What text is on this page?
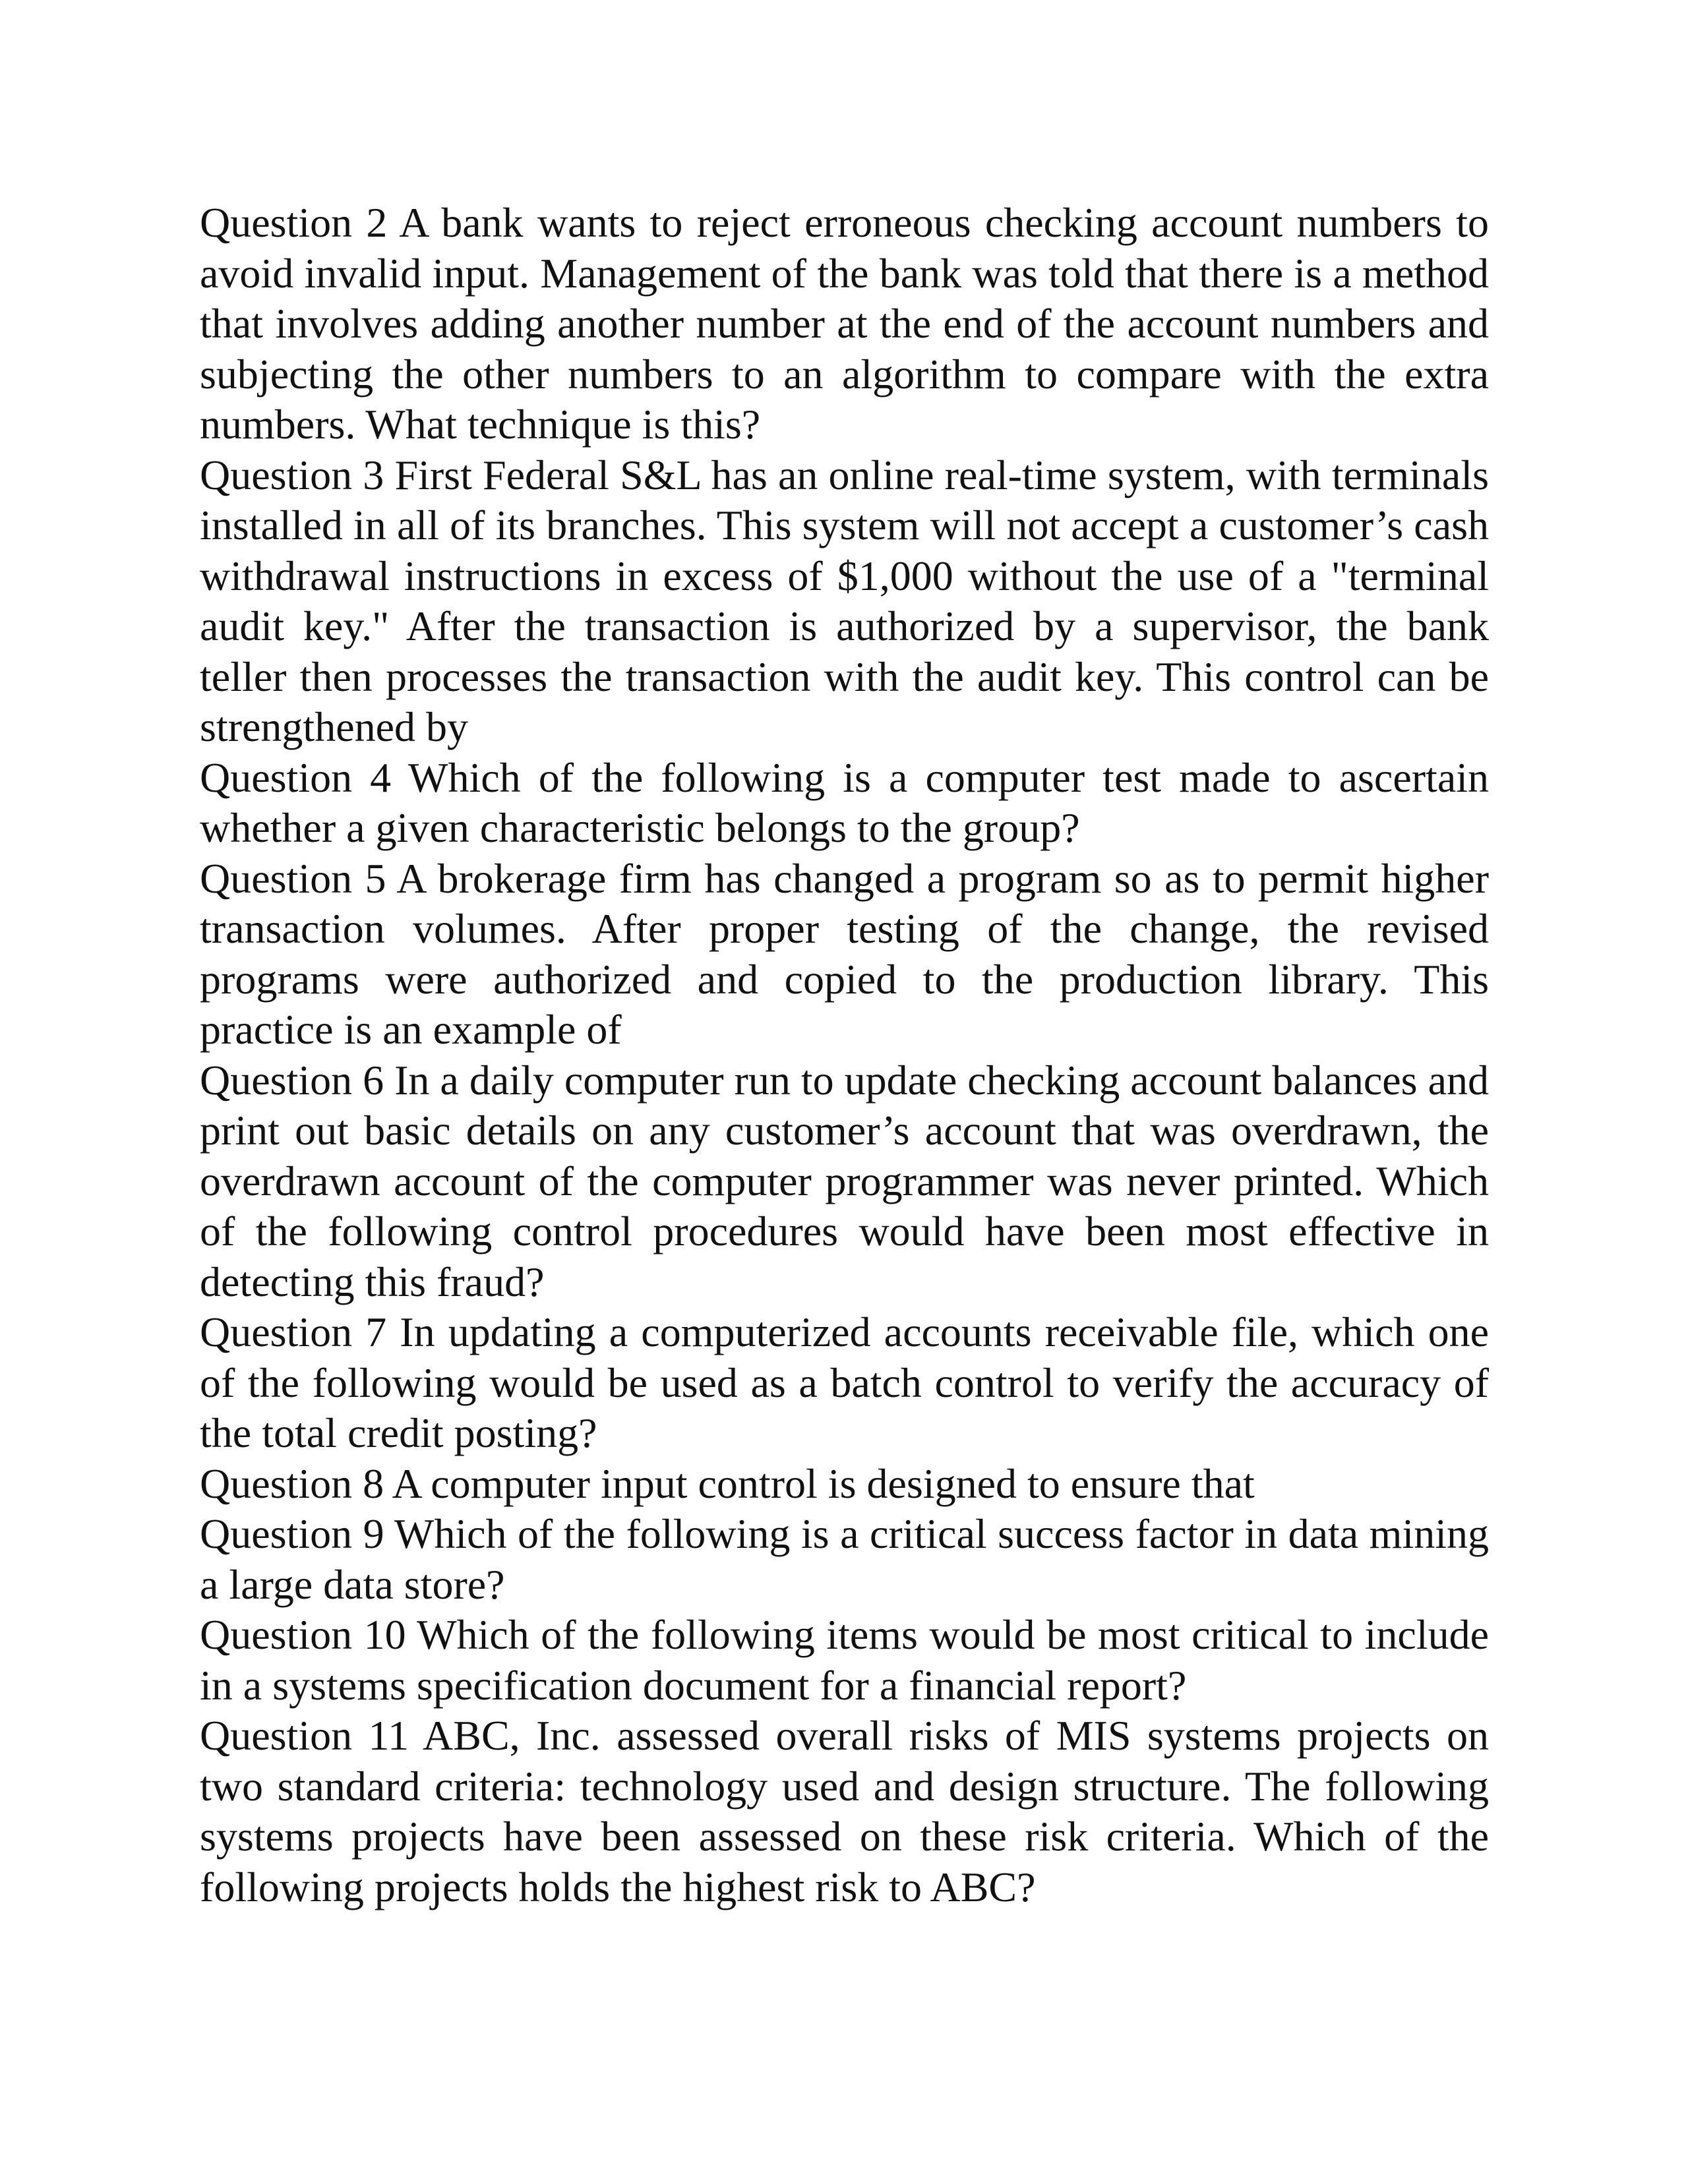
Question 2 A bank wants to reject erroneous checking account numbers to avoid invalid input. Management of the bank was told that there is a method that involves adding another number at the end of the account numbers and subjecting the other numbers to an algorithm to compare with the extra numbers. What technique is this?

Question 3 First Federal S&L has an online real-time system, with terminals installed in all of its branches. This system will not accept a customer’s cash withdrawal instructions in excess of $1,000 without the use of a "terminal audit key." After the transaction is authorized by a supervisor, the bank teller then processes the transaction with the audit key. This control can be strengthened by

Question 4 Which of the following is a computer test made to ascertain whether a given characteristic belongs to the group?

Question 5 A brokerage firm has changed a program so as to permit higher transaction volumes. After proper testing of the change, the revised programs were authorized and copied to the production library. This practice is an example of

Question 6 In a daily computer run to update checking account balances and print out basic details on any customer’s account that was overdrawn, the overdrawn account of the computer programmer was never printed. Which of the following control procedures would have been most effective in detecting this fraud?

Question 7 In updating a computerized accounts receivable file, which one of the following would be used as a batch control to verify the accuracy of the total credit posting?

Question 8 A computer input control is designed to ensure that

Question 9 Which of the following is a critical success factor in data mining a large data store?

Question 10 Which of the following items would be most critical to include in a systems specification document for a financial report?

Question 11 ABC, Inc. assessed overall risks of MIS systems projects on two standard criteria: technology used and design structure. The following systems projects have been assessed on these risk criteria. Which of the following projects holds the highest risk to ABC?
